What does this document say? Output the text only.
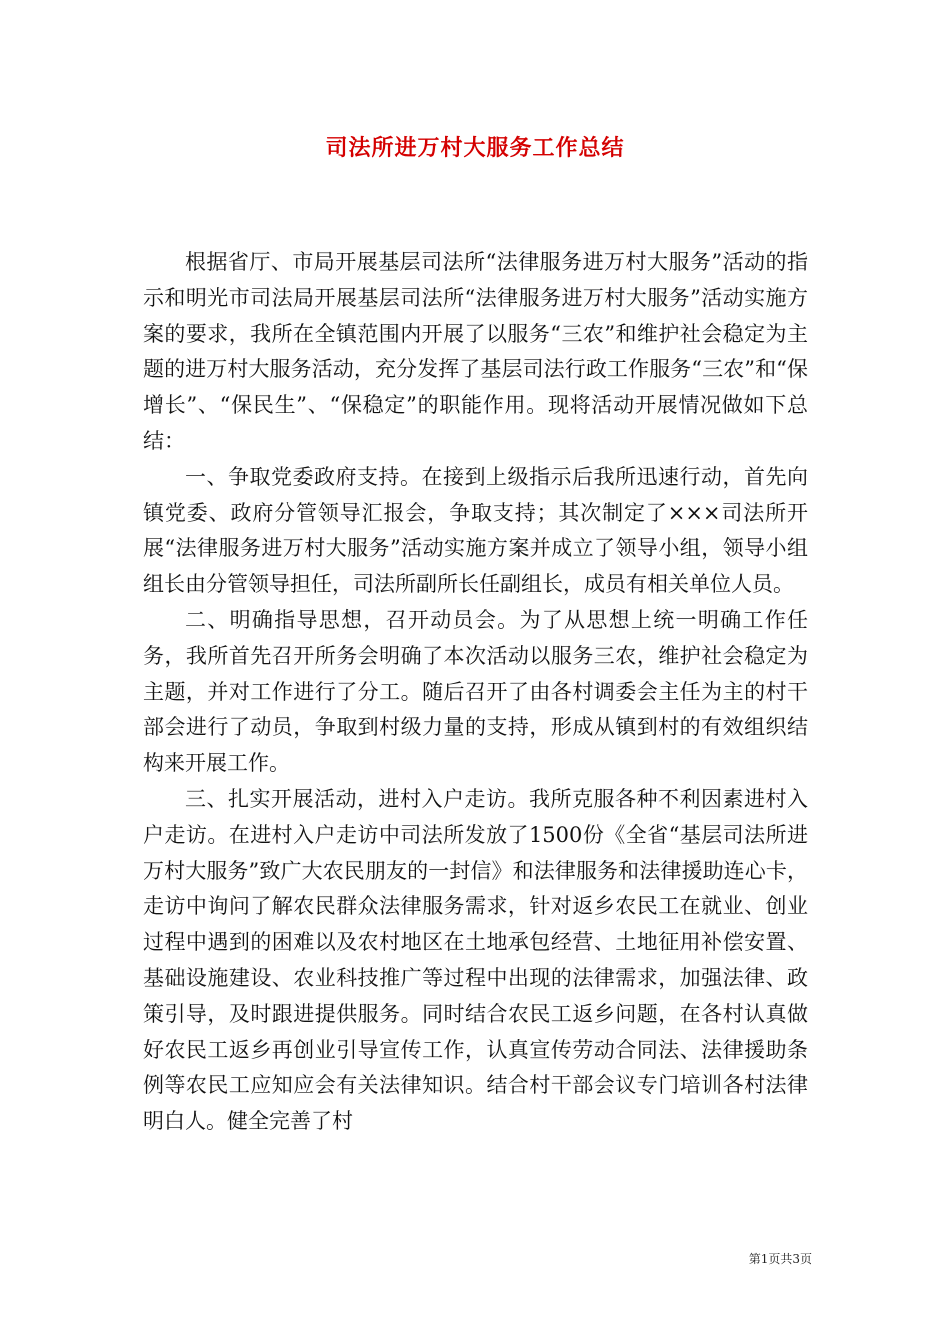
司法所进万村大服务工作总结

根据省厅、市局开展基层司法所“法律服务进万村大服务”活动的指示和明光市司法局开展基层司法所“法律服务进万村大服务”活动实施方案的要求，我所在全镇范围内开展了以服务“三农”和维护社会稳定为主题的进万村大服务活动，充分发挥了基层司法行政工作服务“三农”和“保增长”、“保民生”、“保稳定”的职能作用。现将活动开展情况做如下总结：

一、争取党委政府支持。在接到上级指示后我所迅速行动，首先向镇党委、政府分管领导汇报会，争取支持；其次制定了×××司法所开展“法律服务进万村大服务”活动实施方案并成立了领导小组，领导小组组长由分管领导担任，司法所副所长任副组长，成员有相关单位人员。

二、明确指导思想，召开动员会。为了从思想上统一明确工作任务，我所首先召开所务会明确了本次活动以服务三农，维护社会稳定为主题，并对工作进行了分工。随后召开了由各村调委会主任为主的村干部会进行了动员，争取到村级力量的支持，形成从镇到村的有效组织结构来开展工作。

三、扎实开展活动，进村入户走访。我所克服各种不利因素进村入户走访。在进村入户走访中司法所发放了1500份《全省“基层司法所进万村大服务”致广大农民朋友的一封信》和法律服务和法律援助连心卡，走访中询问了解农民群众法律服务需求，针对返乡农民工在就业、创业过程中遇到的困难以及农村地区在土地承包经营、土地征用补偿安置、基础设施建设、农业科技推广等过程中出现的法律需求，加强法律、政策引导，及时跟进提供服务。同时结合农民工返乡问题，在各村认真做好农民工返乡再创业引导宣传工作，认真宣传劳动合同法、法律援助条例等农民工应知应会有关法律知识。结合村干部会议专门培训各村法律明白人。健全完善了村

第1页共3页
